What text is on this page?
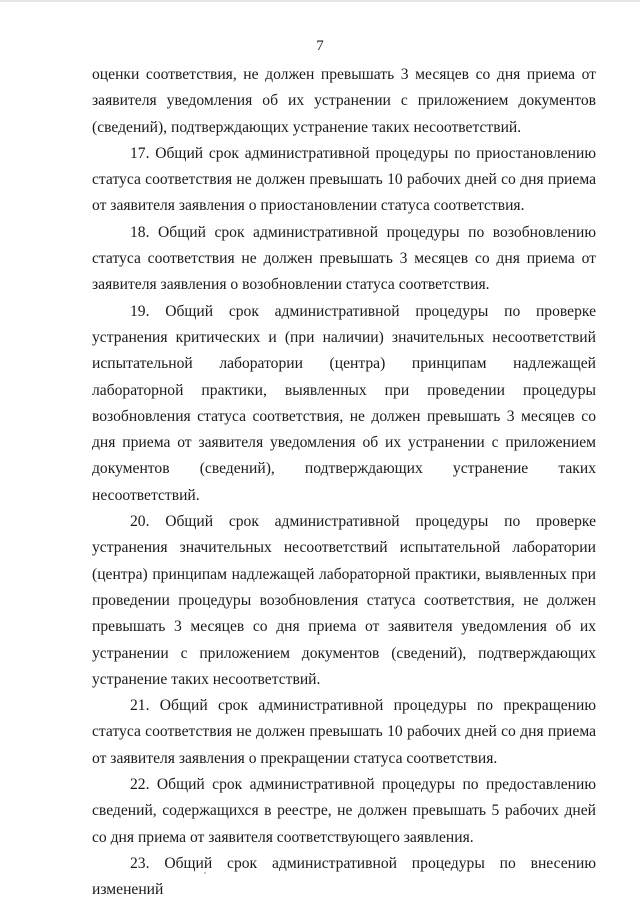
7

оценки соответствия, не должен превышать 3 месяцев со дня приема от заявителя уведомления об их устранении с приложением документов (сведений), подтверждающих устранение таких несоответствий.

17. Общий срок административной процедуры по приостановлению статуса соответствия не должен превышать 10 рабочих дней со дня приема от заявителя заявления о приостановлении статуса соответствия.

18. Общий срок административной процедуры по возобновлению статуса соответствия не должен превышать 3 месяцев со дня приема от заявителя заявления о возобновлении статуса соответствия.

19. Общий срок административной процедуры по проверке устранения критических и (при наличии) значительных несоответствий испытательной лаборатории (центра) принципам надлежащей лабораторной практики, выявленных при проведении процедуры возобновления статуса соответствия, не должен превышать 3 месяцев со дня приема от заявителя уведомления об их устранении с приложением документов (сведений), подтверждающих устранение таких несоответствий.

20. Общий срок административной процедуры по проверке устранения значительных несоответствий испытательной лаборатории (центра) принципам надлежащей лабораторной практики, выявленных при проведении процедуры возобновления статуса соответствия, не должен превышать 3 месяцев со дня приема от заявителя уведомления об их устранении с приложением документов (сведений), подтверждающих устранение таких несоответствий.

21. Общий срок административной процедуры по прекращению статуса соответствия не должен превышать 10 рабочих дней со дня приема от заявителя заявления о прекращении статуса соответствия.

22. Общий срок административной процедуры по предоставлению сведений, содержащихся в реестре, не должен превышать 5 рабочих дней со дня приема от заявителя соответствующего заявления.

23. Общий срок административной процедуры по внесению изменений
